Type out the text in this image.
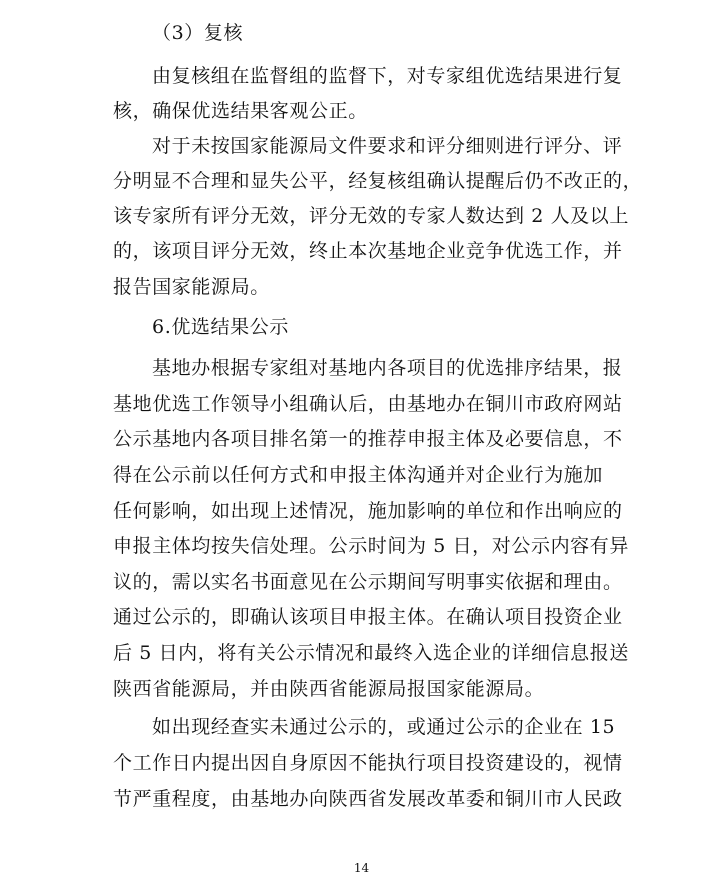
（3）复核
由复核组在监督组的监督下，对专家组优选结果进行复
核，确保优选结果客观公正。
对于未按国家能源局文件要求和评分细则进行评分、评
分明显不合理和显失公平，经复核组确认提醒后仍不改正的，
该专家所有评分无效，评分无效的专家人数达到 2 人及以上
的，该项目评分无效，终止本次基地企业竞争优选工作，并
报告国家能源局。
6.优选结果公示
基地办根据专家组对基地内各项目的优选排序结果，报
基地优选工作领导小组确认后，由基地办在铜川市政府网站
公示基地内各项目排名第一的推荐申报主体及必要信息，不
得在公示前以任何方式和申报主体沟通并对企业行为施加
任何影响，如出现上述情况，施加影响的单位和作出响应的
申报主体均按失信处理。公示时间为 5 日，对公示内容有异
议的，需以实名书面意见在公示期间写明事实依据和理由。
通过公示的，即确认该项目申报主体。在确认项目投资企业
后 5 日内，将有关公示情况和最终入选企业的详细信息报送
陕西省能源局，并由陕西省能源局报国家能源局。
如出现经查实未通过公示的，或通过公示的企业在 15
个工作日内提出因自身原因不能执行项目投资建设的，视情
节严重程度，由基地办向陕西省发展改革委和铜川市人民政
14
